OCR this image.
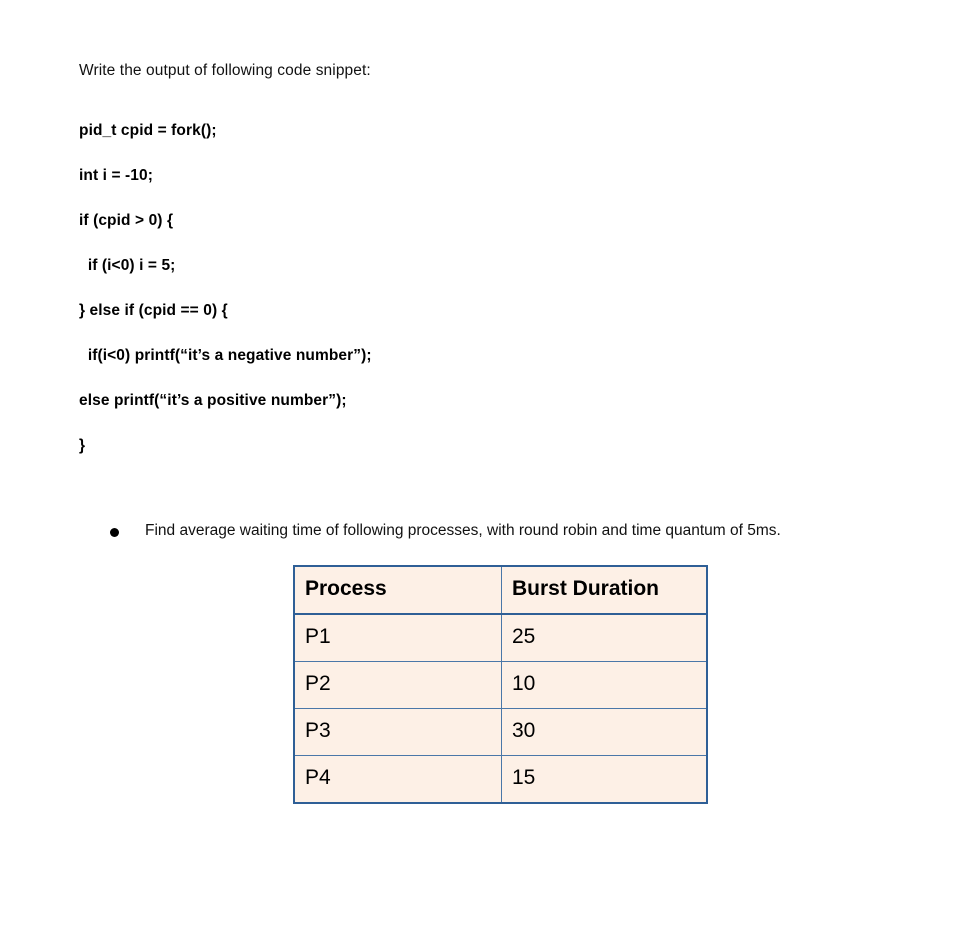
Write the output of following code snippet:
pid_t cpid = fork();
int i = -10;
if (cpid > 0) {
if (i<0) i = 5;
} else if (cpid == 0) {
if(i<0) printf(“it’s a negative number”);
else printf(“it’s a positive number”);
}
Find average waiting time of following processes, with round robin and time quantum of 5ms.
Process	Burst Duration
P1	25
P2	10
P3	30
P4	15
